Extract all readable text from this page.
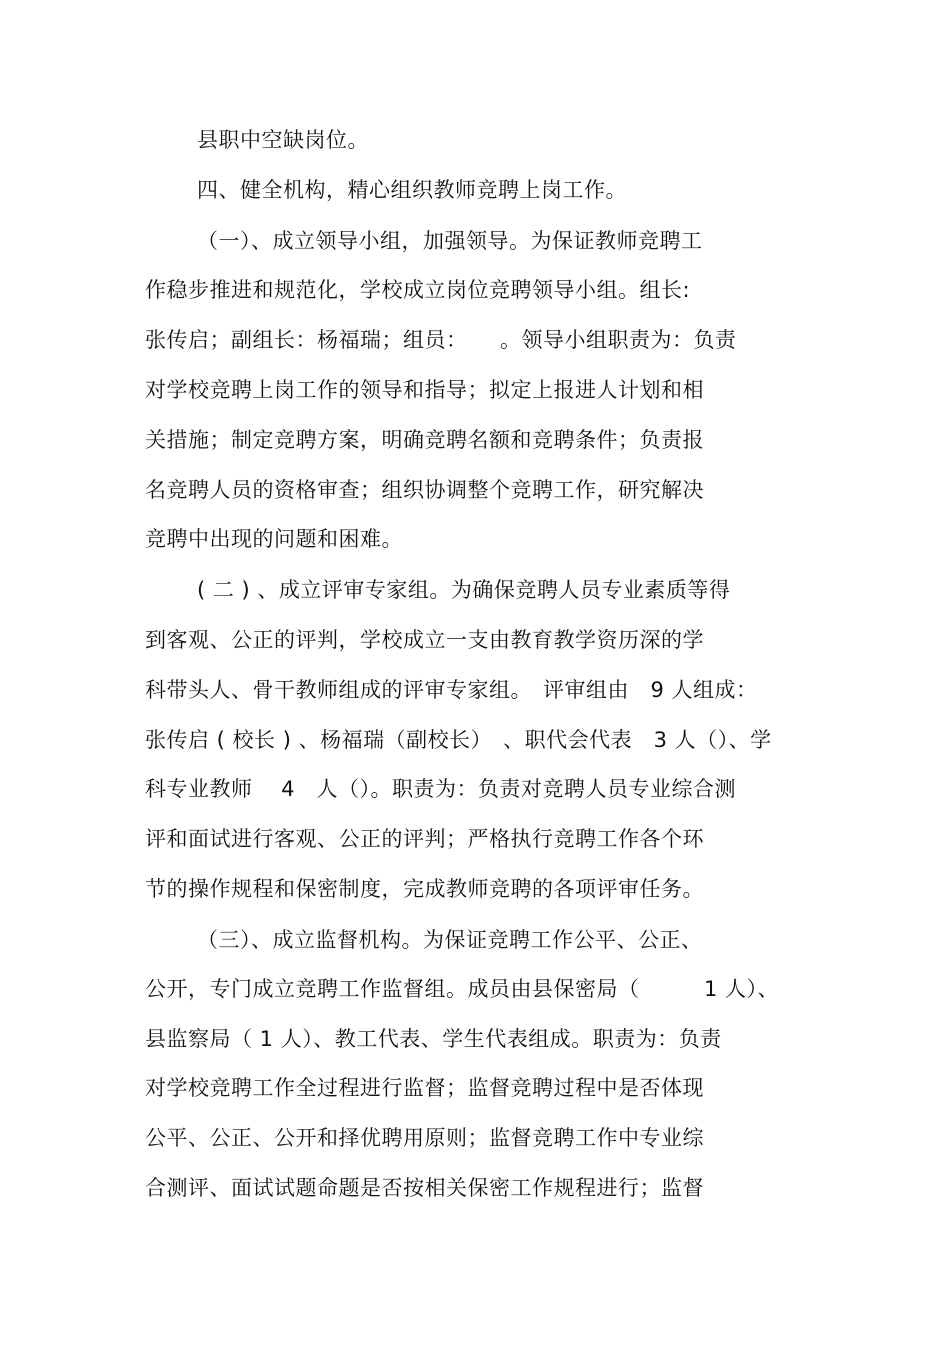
县职中空缺岗位。
四、健全机构，精心组织教师竞聘上岗工作。
（一）、成立领导小组，加强领导。为保证教师竞聘工
作稳步推进和规范化，学校成立岗位竞聘领导小组。组长:
张传启；副组长：杨福瑞；组员：　　。领导小组职责为：负责
对学校竞聘上岗工作的领导和指导；拟定上报进人计划和相
关措施；制定竞聘方案，明确竞聘名额和竞聘条件；负责报
名竞聘人员的资格审查；组织协调整个竞聘工作，研究解决
竞聘中出现的问题和困难。
( 二 ) 、成立评审专家组。为确保竞聘人员专业素质等得
到客观、公正的评判，学校成立一支由教育教学资历深的学
科带头人、骨干教师组成的评审专家组。　评审组由　9 人组成：
张传启 ( 校长 ) 、杨福瑞（副校长）　、职代会代表　3 人（）、学
科专业教师　 4　人（）。职责为：负责对竞聘人员专业综合测
评和面试进行客观、公正的评判；严格执行竞聘工作各个环
节的操作规程和保密制度，完成教师竞聘的各项评审任务。
（三）、成立监督机构。为保证竞聘工作公平、公正、
公开，专门成立竞聘工作监督组。成员由县保密局（　　　1 人）、
县监察局（ 1 人）、教工代表、学生代表组成。职责为：负责
对学校竞聘工作全过程进行监督；监督竞聘过程中是否体现
公平、公正、公开和择优聘用原则；监督竞聘工作中专业综
合测评、面试试题命题是否按相关保密工作规程进行；监督
